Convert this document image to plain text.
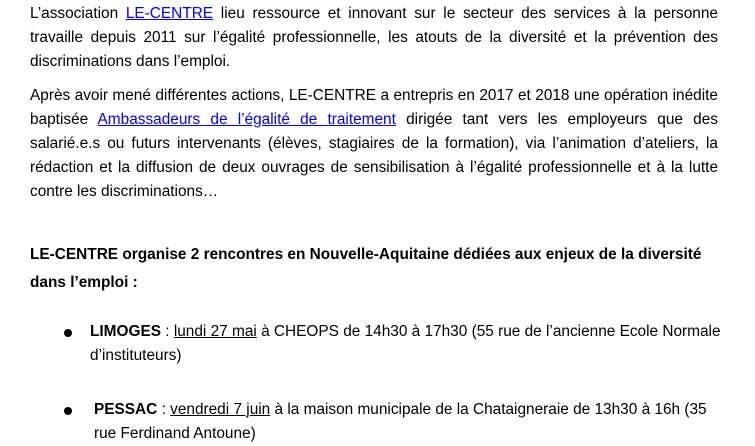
L’association LE-CENTRE lieu ressource et innovant sur le secteur des services à la personne travaille depuis 2011 sur l’égalité professionnelle, les atouts de la diversité et la prévention des discriminations dans l’emploi.

Après avoir mené différentes actions, LE-CENTRE a entrepris en 2017 et 2018 une opération inédite baptisée Ambassadeurs de l’égalité de traitement dirigée tant vers les employeurs que des salarié.e.s ou futurs intervenants (élèves, stagiaires de la formation), via l’animation d’ateliers, la rédaction et la diffusion de deux ouvrages de sensibilisation à l’égalité professionnelle et à la lutte contre les discriminations…

LE-CENTRE organise 2 rencontres en Nouvelle-Aquitaine dédiées aux enjeux de la diversité dans l’emploi :

LIMOGES : lundi 27 mai à CHEOPS de 14h30 à 17h30 (55 rue de l’ancienne Ecole Normale d’instituteurs)
PESSAC : vendredi 7 juin à la maison municipale de la Chataigneraie de 13h30 à 16h (35 rue Ferdinand Antoune)
